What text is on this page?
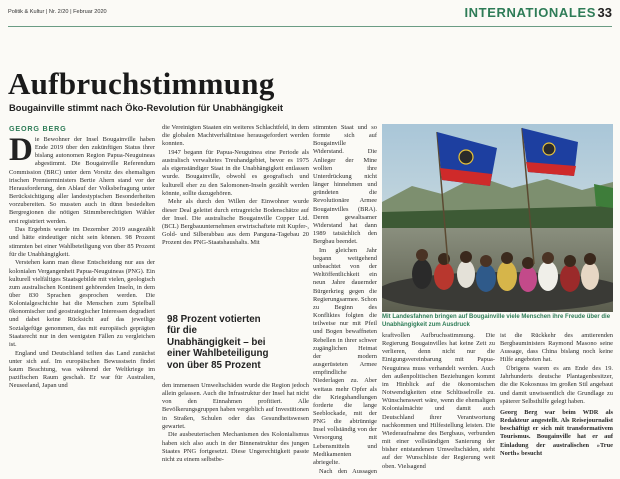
Politik & Kultur | Nr. 2/20 | Februar 2020	INTERNATIONALES 33
Aufbruchstimmung
Bougainville stimmt nach Öko-Revolution für Unabhängigkeit
GEORG BERG

Die Bewohner der Insel Bougainville haben Ende 2019 über den zukünftigen Status ihrer bislang autonomen Region Papua-Neuguineas abgestimmt. Die Bougainville Referendum Commission (BRC) unter dem Vorsitz des ehemaligen irischen Premierministers Bertie Ahern stand vor der Herausforderung, den Ablauf der Volksbefragung unter Berücksichtigung aller landestypischen Besonderheiten vorzubereiten. So mussten auch in dünn besiedelten Bergregionen die nötigen Stimmberechtigten Wähler erst registriert werden.

Das Ergebnis wurde im Dezember 2019 ausgezählt und hätte eindeutiger nicht sein können. 98 Prozent stimmten bei einer Wahlbeteiligung von über 85 Prozent für die Unabhängigkeit.

Verstehen kann man diese Entscheidung nur aus der kolonialen Vergangenheit Papua-Neuguineas (PNG). Ein kulturell vielfältiges Staatsgebilde mit vielen, geologisch zum australischen Kontinent gehörenden Inseln, in dem über 830 Sprachen gesprochen werden. Die Kolonialgeschichte hat die Menschen zum Spielball ökonomischer und geostrategischer Interessen degradiert und dabei keine Rücksicht auf das jeweilige Sozialgefüge genommen, das mit europäisch geprägten Staatsrecht nur in den wenigsten Fällen zu vergleichen ist.

England und Deutschland teilten das Land zunächst unter sich auf. Im europäischen Bewusstsein findet kaum Beachtung, was während der Weltkriege im pazifischen Raum geschah. Er war für Australien, Neuseeland, Japan und

die Vereinigten Staaten ein weiteres Schlachtfeld, in dem die globalen Machtverhältnisse herausgefordert werden konnten.

1947 begann für Papua-Neuguinea eine Periode als australisch verwaltetes Treuhandgebiet, bevor es 1975 als eigenständiger Staat in die Unabhängigkeit entlassen wurde. Bougainville, obwohl es geografisch und kulturell eher zu den Salomonen-Inseln gezählt werden könnte, sollte dazugehören.

Mehr als durch den Willen der Einwohner wurde dieser Deal geleitet durch ertragreiche Bodenschätze auf der Insel. Die australische Bougainville Copper Ltd. (BCL) Bergbauunternehmen erwirtschaftete mit Kupfer-, Gold- und Silberabbau aus dem Panguna-Tagebau 20 Prozent des PNG-Staatshaushalts. Mit

98 Prozent votierten für die Unabhängigkeit – bei einer Wahlbeteiligung von über 85 Prozent

den immensen Umweltschäden wurde die Region jedoch allein gelassen. Auch die Infrastruktur der Insel hat nicht von den Einnahmen profitiert. Alle Bevölkerungsgruppen haben vergeblich auf Investitionen in Straßen, Schulen oder das Gesundheitswesen gewartet.

Die ausbeuterischen Mechanismen des Kolonialismus haben sich also auch in der Binnenstruktur des jungen Staates PNG fortgesetzt. Diese Ungerechtigkeit passte nicht zu einem selbstbe-

stimmten Staat und so formte sich auf Bougainville Widerstand. Die Anlieger der Mine wollten ihre Unterdrückung nicht länger hinnehmen und gründeten die Revolutionäre Armee Bougainvilles (BRA). Deren gewaltsamer Widerstand hat dann 1989 tatsächlich den Bergbau beendet.

Im gleichen Jahr begann weitgehend unbeachtet von der Weltöffentlichkeit ein neun Jahre dauernder Bürgerkrieg gegen die Regierungsarmee. Schon zu Beginn des Konfliktes folgten die teilweise nur mit Pfeil und Bogen bewaffneten Rebellen in ihrer schwer zugänglichen Heimat der modern ausgerüsteten Armee empfindliche Niederlagen zu. Aber weitaus mehr Opfer als die Kriegshandlungen forderte die lange Seeblockade, mit der PNG die abtrünnige Insel vollständig von der Versorgung mit Lebensmitteln und Medikamenten abriegelte.

Nach den Aussagen

Mit Landesfahnen bringen auf Bougainville viele Menschen ihre Freude über die Unabhängigkeit zum Ausdruck

kraftvollen Aufbruchsstimmung. Die Regierung Bougainvilles hat keine Zeit zu verlieren, denn nicht nur die Einigungsvereinbarung mit Papua-Neuguinea muss verhandelt werden. Auch den außenpolitischen Beziehungen kommt im Hinblick auf die ökonomischen Notwendigkeiten eine Schlüsselrolle zu. Wünschenswert wäre, wenn die ehemaligen Kolonialmächte und damit auch Deutschland ihrer Verantwortung nachkommen und Hilfestellung leisten. Die Wiederaufnahme des Bergbaus, verbunden mit einer vollständigen Sanierung der bisher entstandenen Umweltschäden, steht auf der Wunschliste der Regierung weit oben. Vielsagend

ist die Rückkehr des amtierenden Bergbauministers Raymond Masono seine Aussage, dass China bislang noch keine Hilfe angeboten hat.

Übrigens waren es am Ende des 19. Jahrhunderts deutsche Plantagenbesitzer, die die Kokosnuss im großen Stil angebaut und damit unwissentlich die Grundlage zu späterer Selbsthilfe gelegt haben.

Georg Berg war beim WDR als Redakteur angestellt. Als Reisejournalist beschäftigt er sich mit transformativem Tourismus. Bougainville hat er auf Einladung der australischen »True North« besucht
